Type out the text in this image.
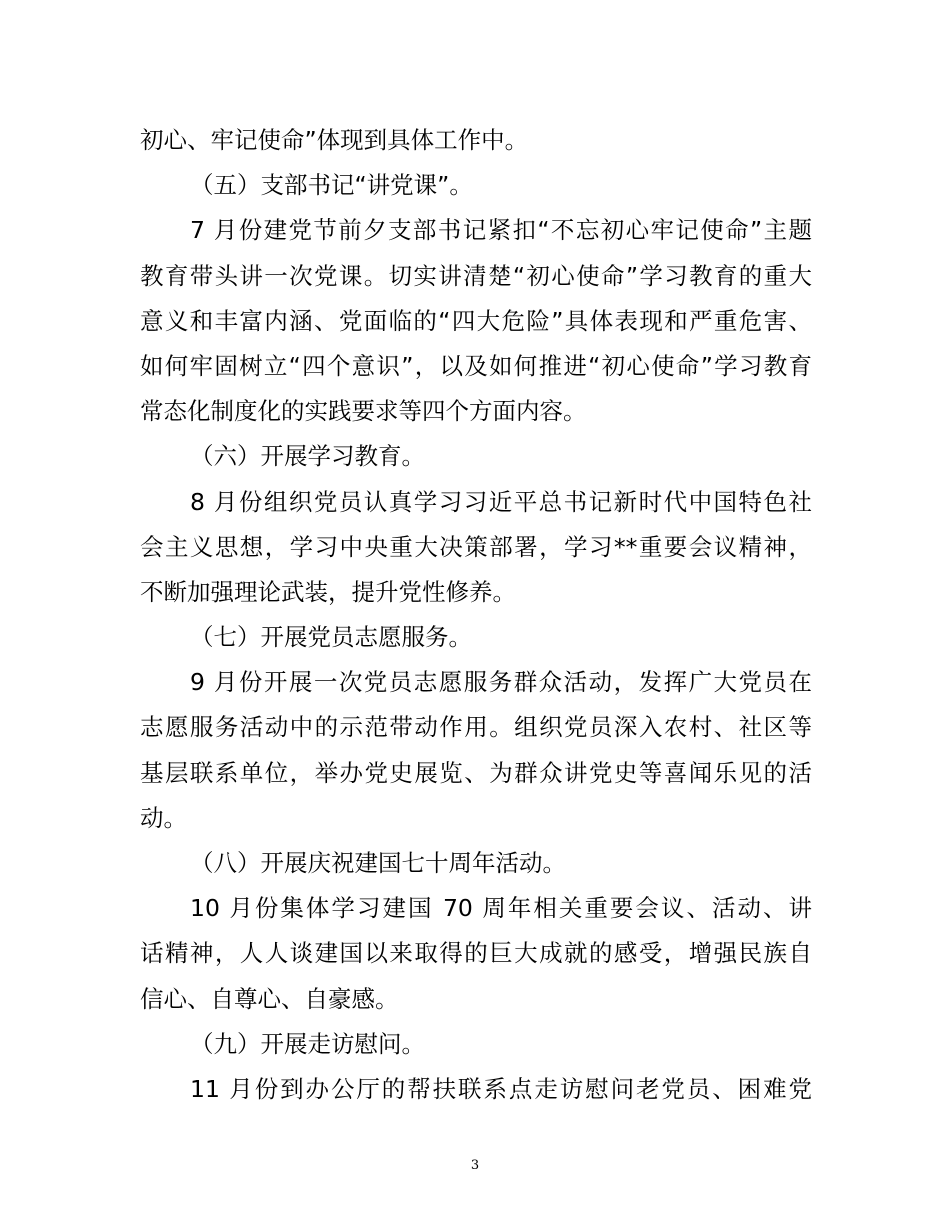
初心、牢记使命”体现到具体工作中。
（五）支部书记“讲党课”。
7 月份建党节前夕支部书记紧扣“不忘初心牢记使命”主题
教育带头讲一次党课。切实讲清楚“初心使命”学习教育的重大
意义和丰富内涵、党面临的“四大危险”具体表现和严重危害、
如何牢固树立“四个意识”，以及如何推进“初心使命”学习教育
常态化制度化的实践要求等四个方面内容。
（六）开展学习教育。
8 月份组织党员认真学习习近平总书记新时代中国特色社
会主义思想，学习中央重大决策部署，学习**重要会议精神，
不断加强理论武装，提升党性修养。
（七）开展党员志愿服务。
9 月份开展一次党员志愿服务群众活动，发挥广大党员在
志愿服务活动中的示范带动作用。组织党员深入农村、社区等
基层联系单位，举办党史展览、为群众讲党史等喜闻乐见的活
动。
（八）开展庆祝建国七十周年活动。
10 月份集体学习建国 70 周年相关重要会议、活动、讲
话精神，人人谈建国以来取得的巨大成就的感受，增强民族自
信心、自尊心、自豪感。
（九）开展走访慰问。
11 月份到办公厅的帮扶联系点走访慰问老党员、困难党
3
